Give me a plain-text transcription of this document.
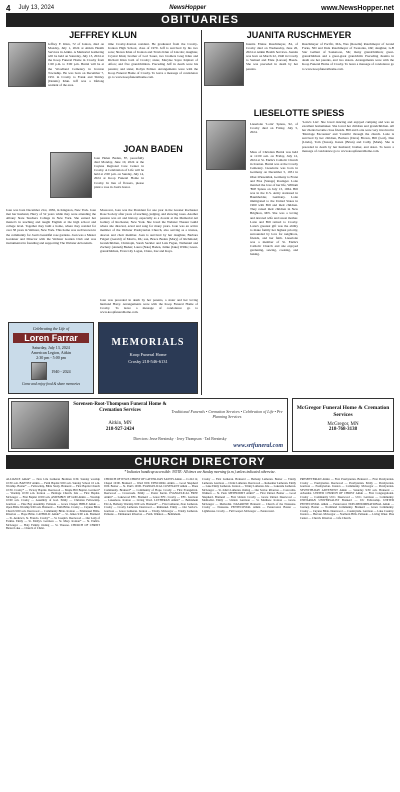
4 July 13, 2024	NewsHopper	www.NewsHopper.net
OBITUARIES
JEFFREY KLUN
Jeffrey F. Klun, 72 of Ionton, died on Monday, July 1, 2024 at Aitkin Health Services in Aitkin. A Memorial Gathering will be held on Saturday, July 13, 2024 at the Koop Funeral Home in Crosby from 1:00 p.m. to 3:00 p.m. Burial will be at the Woodland Cemetery in Ironton Township. He was born on December 7, 1951 in Crosby to Frank and Shirley (Dennis) Klun. Jeff was a lifelong resident of the area.
time Crosby-Ironton resident. He graduated from the Crosby-Ironton High School, class of 1970. Jeff is survived by his two sons; Shawn Klun of Ironton and Travis Klun of Lincoln; daughter, Crystal Klun; brother of Lori Sauer, two brothers Greg Klun and Richard Klun both of Crosby; sister, Marylee Sayre Kiphart of Afton; and five grandchildren. Preceding Jeff in death were his parents; and sister, Robyn Peltzer. Arrangements were with the Koop Funeral Home of Crosby. To leave a message of condolence go to www.koopfuneralhome.com.
JOAN BADEN
Joan Helen Baden, 87, peacefully died Monday, June 10, 2024 at the Cuyuna Regional Care Center in Crosby. A Celebration of Life will be held at 2:00 p.m. on Sunday, July 14, 2024 at Koop Funeral Home in Crosby. In lieu of flowers, please plant a rose in Joan's honor.
Joan was born December 21st, 1936, in Kingston, New York. Joan met her husband, Harry of 52 years while they were attending the Albany State Teachers College in New York. She earned her master's in teaching and taught English at the high school and college level. Together they built a home, where they resided for over 38 years in Webster, New York. This home was well known in the community for Joan's beautiful rose gardens. Joan was a Master Gardener and Director with the Webster Garden Club and was instrumental in founding and supporting The Webster Arboretum.
Moreover, Joan was the President for one year in the Greater Rochester Rose Society after years of teaching, judging, and showing roses. Another passion was art and history, especially as a docent at the Memorial Art Gallery of Rochester, New York. She loved the Webster Theater Guild where she directed, acted and sang for many years. Joan was an active member of the Webster Presbyterian Church, also serving as a trustee, deacon and choir member. Joan is survived by her daughter, Barbara Falgert (Gerald) of Morris, PA; son, Bruce Baden (Mary) of Richmond; Grandchildren, Christoph, Sarah Seckler and Luis Fagan, Nathaniel and Zachery (Annah) Baden; Laura (Nate) Baden, Jamie (Jake) Willis; Great-grandchildren, Evan Lily Logan, Claire, Zaz and Kaya.
Joan was preceded in death by her parents, a sister and her loving husband Harry. Arrangements were with the Koop Funeral Home of Crosby. To leave a message of condolence go to www.koopfuneralhome.com.
Celebrating the Life of
Loren Farrar
Saturday, July 13, 2024
American Legion, Aitkin
2:30 pm - 5:00 pm
1940 - 2024
Come and enjoy food & share memories
MEMORIALS
Koop Funeral Home
Crosby 218-546-6131
Sorensen-Root-Thompson Funeral Home & Cremation Services
Aitkin, MN
218-927-2424
Traditional Funerals • Cremation Services • Celebration of Life • Pre Planning Services
Directors: Jesse Brezinsky · Jerry Thompson · Tad Brezinsky
www.srtfuneral.com
JUANITA RUSCHMEYER
Juanita Elaine Ruschmeyer, 84, of Crosby died on Wednesday, June 26, 2024 at Aitkin Health Services. Juanita was born on March 22, 1940 in Crosby to Samuel and Elsie (Larson) Haack. She was preceded in death by her parents.
Ruschmeyer of Pacific, MA, Wes (Rosella) Ruschmeyer of Grand Forks, ND and Dale Ruschmeyer of Swatonia, OR; daughter, G.B Star Gallant of Saskatoon, SK; many grandchildren; great-grandchildren and a great-great grandchild. Preceding Juanita in death are her parents, and two sisters. Arrangements were with the Koop Funeral Home of Crosby. To leave a message of condolence go to www.koopfuneralhome.com.
LIESELOTTE SPIESS
Lieselotte 'Lotte' Spiess, 92, of Crosby died on Friday, July 5, 2024.
Mass of Christian Burial was held at 11:00 a.m. on Friday, July 12, 2024 at St. Enrik's Catholic Church in Ironton. Burial was at the Crosby Cemetery. Lieselotte was born in Germany on December 5, 1931 in Ober-Wiesenthal, Germany to Franz and Elsa (Stange) Rosinger. Lotte married the love of her life, William 'Bill' Spiess on July 13, 1964. Bill was in the U.S. Army stationed in Baumholder, Germany. Lotte immigrated to the United States in 1960 with Bill and their children. They raised their children in New Brighton, MN. She was a loving and devoted wife and sweet mother. Lotte and Bill retired to Crosby. Lotte's greatest gift was the ability to make family her highest priority, surrounded by love for neighbors, friends, and her faith. Lieselotte was a member of St. Enrik's Catholic Church and she enjoyed gardening, sewing, cooking, and baking.
'Lotte's List'. She loved dancing and enjoyed camping and was an excellent homemaker. She loved her children and grandchildren. All her clients became close friends. Bill and Lotte were very involved in 'Marriage Encounter' and 'Cursillo' through the church. Lotte is survived by her children, Barbara (Dave) Brown, Bill (Lori), Dan (Linda), Tom (Susan), Karen (Brian) and Cathy (Mark). She is preceded in death by her husband; brother, and sister. To leave a message of condolence go to www.koopfuneralhome.com.
McGregor Funeral Home & Cremation Services
McGregor, MN
218-768-3138
CHURCH DIRECTORY
* Indicates handicap accessible: NOTE: All times are Sunday morning (a.m.) unless indicated otherwise.
ALLIANCE Aitkin* — New Life Lutheran Brethren 6:30. Sunday worship 10:30 a.m. BAPTIST Aitkin — Faith Baptist 9:00 a.m. Sunday School 10 a.m. Worship. Baxter* — Fellowship, Bible Study. Brainerd — First Baptist Church 10:30. Crosby* — Victory Baptist. Deerwood — Maple Hill Baptist. Garrison* — Worship 10:30 a.m. Ironton — Heritage Church. Isle — First Baptist. McGregor — First Baptist 10:00 a.m. ASSEMBLY OF GOD Aitkin — Worship 10:00 a.m. Crosby — Assembly of God. Emily — Christian Fellowship. Garrison — Pine Bay Assembly. Palisade — Grace Chapel. BIBLE Aitkin — Open Bible Worship 9:00 a.m. Brainerd — Faith Bible. Crosby — Cuyuna Bible Church 9:00 a.m. Deerwood — Community Bible. Ironton — Emmanuel Bible. Riverton — Hope Bible. CATHOLIC Aitkin* — St. James 9:00 a.m. Brainerd — St. Andrew's, St. Francis. Crosby* — St. Joseph's. Deerwood — Our Lady of Fatima. Emily — St. Emily's. Garrison — St. Mary. Ironton* — St. Enrik's. McGregor — Holy Family. Outing — St. Therese. CHURCH OF CHRIST Baxter Lake — Church of Christ.
CHURCH OF JESUS CHRIST OF LATTER-DAY SAINTS Aitkin — Co Rd 12, Chapel 10:00. Brainerd — Ward 9:00. EPISCOPAL Aitkin — Good Shepherd 9:00. Baxter — St. Paul's 10:00. EVANGELICAL COVENANT Aitkin — Pines Community. Brainerd* — Community of Hope. Crosby — First Evangelical. Deerwood — Crossroads. Emily — Pastor Kevin. EVANGELICAL FREE Aitkin* — Lakewood EFC. Brainerd — Grace EFC. Crosby — EFC. Garrison — Lakeshore. Ironton — Living Word. LUTHERAN Aitkin* — Bethlehem ELCA, Bethany Worship 9:00 a.m. Brainerd* — First Lutheran, Zion Lutheran. Crosby — Crosby Lutheran. Deerwood — Immanuel. Emily — Our Savior's. Garrison — Grace Lutheran. Ironton — Trinity. McGregor — Trinity Lutheran. Palisade — Emmanuel. Riverton — Faith. Wahkon — Bethlehem.
Crosby — First Lutheran. Brainerd — Bethany Lutheran. Baxter — Trinity Lutheran. Garrison — Christ Lutheran. Deerwood — Redeemer Lutheran. Emily — Lake Emily Lutheran. Ironton — Trinity Lutheran. Isle — Lakeside Lutheran. McGregor — St. John's Lutheran. Outing — Our Savior. Riverton — Concordia. Wahkon — St. Paul. METHODIST Aitkin* — First United. Baxter — Good Shepherd. Brainerd — First United. Crosby — Grace United. Deerwood — Methodist. Emily — United. Garrison — St. Matthew. Ironton — Grace. McGregor — Methodist. NAZARENE Brainerd — Church of the Nazarene. Crosby — Nazarene. PENTECOSTAL Aitkin — Pentecostal. Baxter — Lighthouse. Crosby — Full Gospel. McGregor — Pentecostal.
PRESBYTERIAN Aitkin — First Presbyterian. Brainerd — First Presbyterian. Crosby — Presbyterian. Deerwood — Presbyterian. Emily — Presbyterian. Garrison — Presbyterian. Ironton — Community. McGregor — Presbyterian. SEVENTH-DAY ADVENTIST Aitkin — Saturday 9:30 a.m. Brainerd — Adventist. UNITED CHURCH OF CHRIST Aitkin — First Congregational. Crosby — Community UCC. Deerwood — UCC. Garrison — Community. UNITARIAN UNIVERSALIST Brainerd — UU Fellowship. UNITED PENTECOSTAL Aitkin — Pentecostal. NON-DENOMINATIONAL Aitkin — Journey. Baxter — Northland Community. Brainerd — Grace Community. Crosby — Cuyuna Bible. Deerwood — Countryside. Garrison — Lake Country. Ironton — Harvest. McGregor — Northern Hills. Palisade — Living Water. Pine Center — Church. Riverton — Life Church.
